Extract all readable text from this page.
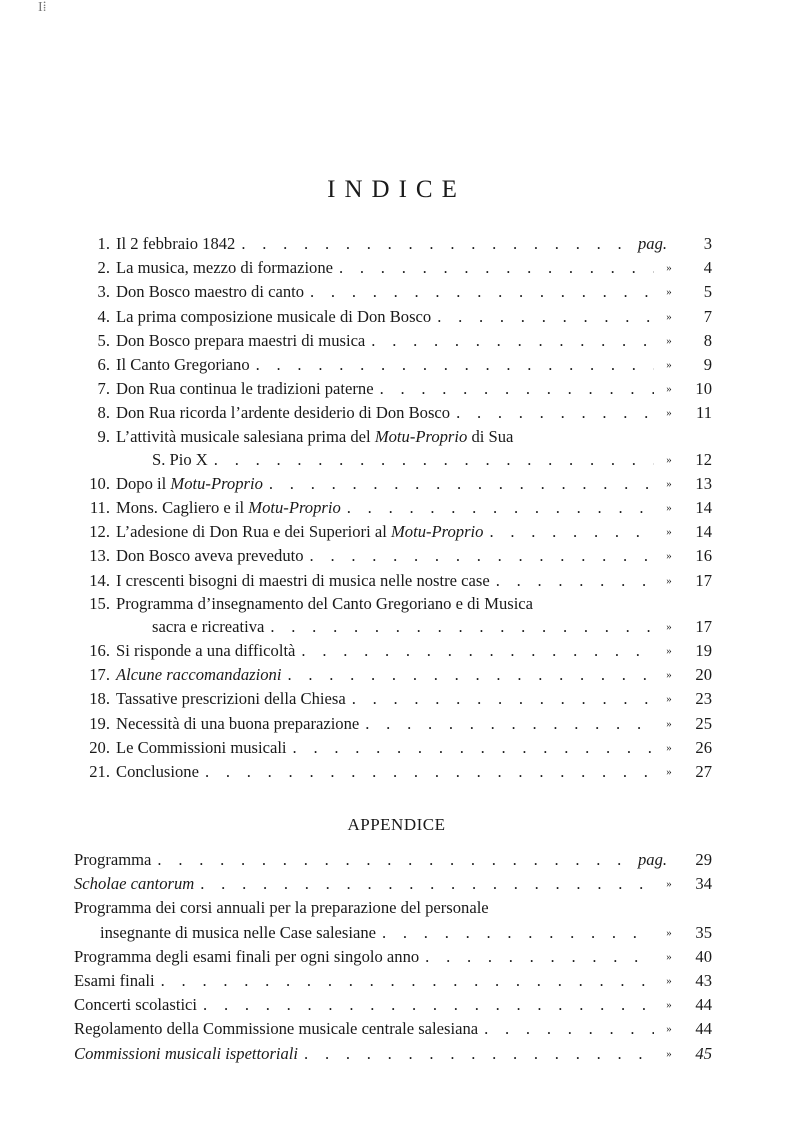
I⁞
INDICE
1. Il 2 febbraio 1842 . . .	pag.	3
2. La musica, mezzo di formazione . . .	»	4
3. Don Bosco maestro di canto . . .	»	5
4. La prima composizione musicale di Don Bosco . . .	»	7
5. Don Bosco prepara maestri di musica . . .	»	8
6. Il Canto Gregoriano . . .	»	9
7. Don Rua continua le tradizioni paterne . . .	»	10
8. Don Rua ricorda l’ardente desiderio di Don Bosco . . .	»	11
9. L’attività musicale salesiana prima del Motu-Proprio di Sua
S. Pio X . . .	»	12
10. Dopo il Motu-Proprio . . .	»	13
11. Mons. Cagliero e il Motu-Proprio . . .	»	14
12. L’adesione di Don Rua e dei Superiori al Motu-Proprio . . .	»	14
13. Don Bosco aveva preveduto . . .	»	16
14. I crescenti bisogni di maestri di musica nelle nostre case . . .	»	17
15. Programma d’insegnamento del Canto Gregoriano e di Musica
sacra e ricreativa . . .	»	17
16. Si risponde a una difficoltà . . .	»	19
17. Alcune raccomandazioni . . .	»	20
18. Tassative prescrizioni della Chiesa . . .	»	23
19. Necessità di una buona preparazione . . .	»	25
20. Le Commissioni musicali . . .	»	26
21. Conclusione . . .	»	27
APPENDICE
Programma . . .	pag.	29
Scholae cantorum . . .	»	34
Programma dei corsi annuali per la preparazione del personale
insegnante di musica nelle Case salesiane . . .	»	35
Programma degli esami finali per ogni singolo anno . . .	»	40
Esami finali . . .	»	43
Concerti scolastici . . .	»	44
Regolamento della Commissione musicale centrale salesiana . . .	»	44
Commissioni musicali ispettoriali . . .	»	45
